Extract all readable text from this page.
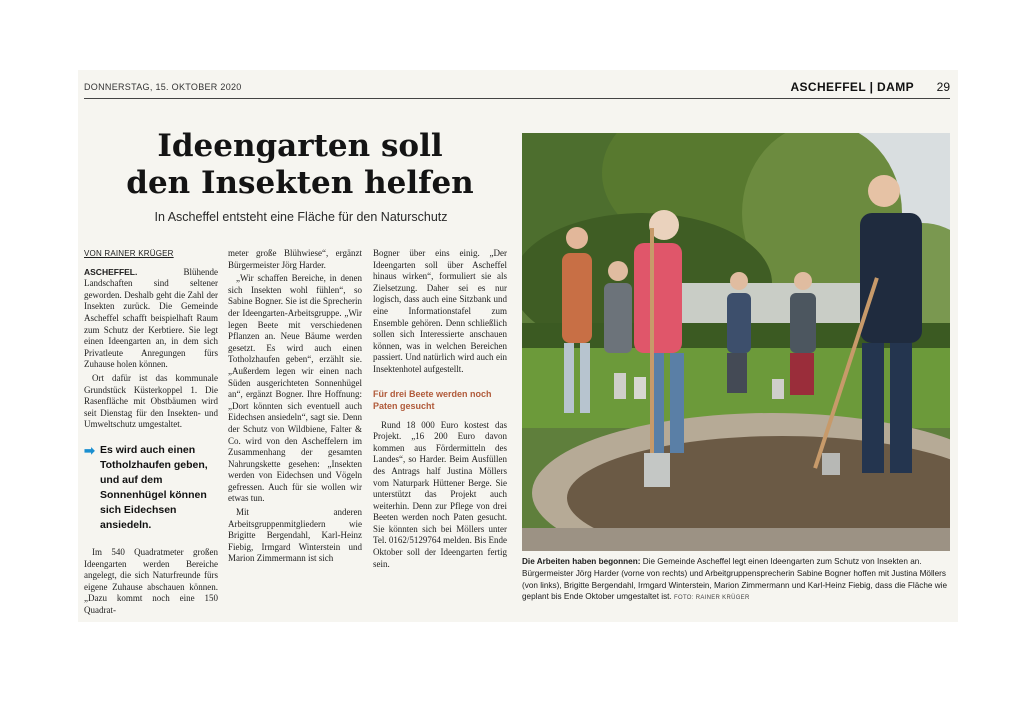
DONNERSTAG, 15. OKTOBER 2020	ASCHEFFEL | DAMP 29
Ideengarten soll
den Insekten helfen
In Ascheffel entsteht eine Fläche für den Naturschutz
VON RAINER KRÜGER

ASCHEFFEL.	Blühende Landschaften sind seltener geworden. Deshalb geht die Zahl der Insekten zurück. Die Gemeinde Ascheffel schafft beispielhaft Raum zum Schutz der Kerbtiere. Sie legt einen Ideengarten an, in dem sich Privatleute Anregungen fürs Zuhause holen können.

Ort dafür ist das kommunale Grundstück Küsterkoppel 1. Die Rasenfläche mit Obstbäumen wird seit Dienstag für den Insekten- und Umweltschutz umgestaltet.

➡ Es wird auch einen Totholzhaufen geben, und auf dem Sonnenhügel können sich Eidechsen ansiedeln.

Im 540 Quadratmeter großen Ideengarten werden Bereiche angelegt, die sich Naturfreunde fürs eigene Zuhause abschauen können. „Dazu kommt noch eine 150 Quadrat-

meter große Blühwiese“, ergänzt Bürgermeister Jörg Harder.

„Wir schaffen Bereiche, in denen sich Insekten wohl fühlen“, so Sabine Bogner. Sie ist die Sprecherin der Ideengarten-Arbeitsgruppe. „Wir legen Beete mit verschiedenen Pflanzen an. Neue Bäume werden gesetzt. Es wird auch einen Totholzhaufen geben“, erzählt sie. „Außerdem legen wir einen nach Süden ausgerichteten Sonnenhügel an“, ergänzt Bogner. Ihre Hoffnung: „Dort könnten sich eventuell auch Eidechsen ansiedeln“, sagt sie. Denn der Schutz von Wildbiene, Falter & Co. wird von den Ascheffelern im Zusammenhang der gesamten Nahrungskette gesehen: „Insekten werden von Eidechsen und Vögeln gefressen. Auch für sie wollen wir etwas tun.

Mit anderen Arbeitsgruppenmitgliedern wie Brigitte Bergendahl, Karl-Heinz Fiebig, Irmgard Winterstein und Marion Zimmermann ist sich

Bogner über eins einig. „Der Ideengarten soll über Ascheffel hinaus wirken“, formuliert sie als Zielsetzung. Daher sei es nur logisch, dass auch eine Sitzbank und eine Informationstafel zum Ensemble gehören. Denn schließlich sollen sich Interessierte anschauen können, was in welchen Bereichen passiert. Und natürlich wird auch ein Insektenhotel aufgestellt.

Für drei Beete werden noch Paten gesucht

Rund 18 000 Euro kostest das Projekt. „16 200 Euro davon kommen aus Fördermitteln des Landes“, so Harder. Beim Ausfüllen des Antrags half Justina Möllers vom Naturpark Hüttener Berge. Sie unterstützt das Projekt auch weiterhin. Denn zur Pflege von drei Beeten werden noch Paten gesucht. Sie könnten sich bei Möllers unter Tel. 0162/5129764 melden. Bis Ende Oktober soll der Ideengarten fertig sein.	Die Arbeiten haben begonnen: Die Gemeinde Ascheffel legt einen Ideengarten zum Schutz von Insekten an. Bürgermeister Jörg Harder (vorne von rechts) und Arbeitgruppensprecherin Sabine Bogner hoffen mit Justina Möllers (von links), Brigitte Bergendahl, Irmgard Winterstein, Marion Zimmermann und Karl-Heinz Fiebig, dass die Fläche wie geplant bis Ende Oktober umgestaltet ist. FOTO: RAINER KRÜGER
